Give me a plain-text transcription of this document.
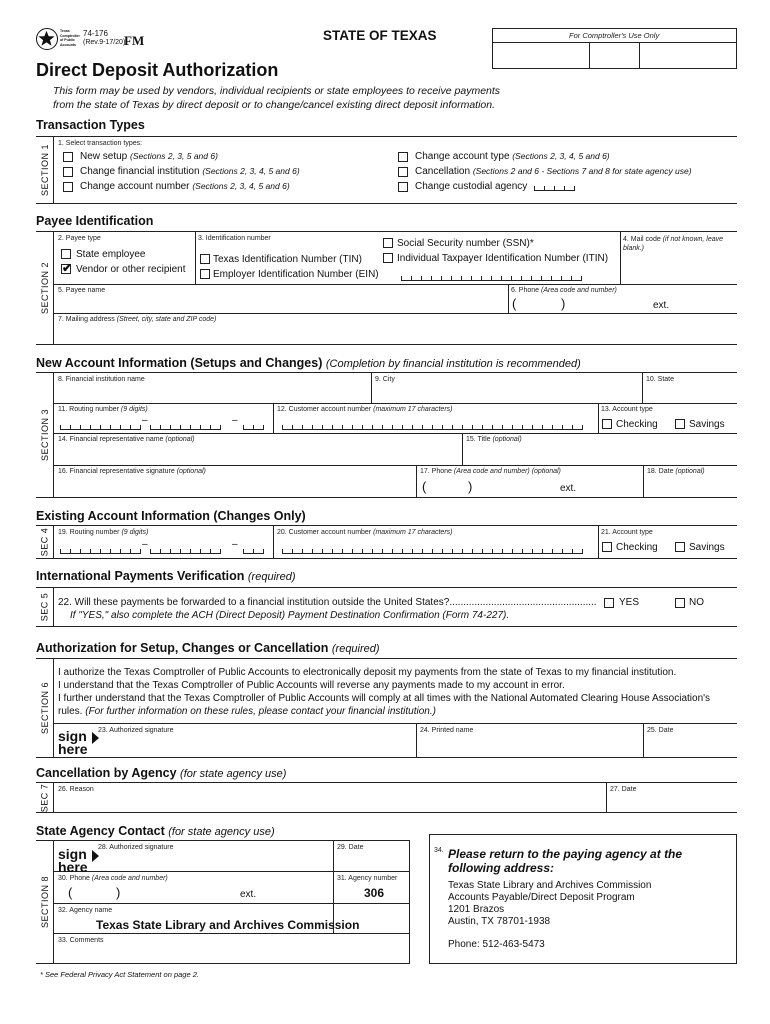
Texas Comptroller of Public Accounts
74-176
(Rev.9-17/20)
FM	STATE OF TEXAS	For Comptroller's Use Only
Direct Deposit Authorization
This form may be used by vendors, individual recipients or state employees to receive payments
from the state of Texas by direct deposit or to change/cancel existing direct deposit information.
Transaction Types
SECTION 1
1. Select transaction types:
New setup (Sections 2, 3, 5 and 6)
Change financial institution (Sections 2, 3, 4, 5 and 6)
Change account number (Sections 2, 3, 4, 5 and 6)
Change account type (Sections 2, 3, 4, 5 and 6)
Cancellation (Sections 2 and 6 - Sections 7 and 8 for state agency use)
Change custodial agency
Payee Identification
SECTION 2
2. Payee type
State employee
✔
Vendor or other recipient
3. Identification number
Texas Identification Number (TIN)
Employer Identification Number (EIN)
Social Security number (SSN)*
Individual Taxpayer Identification Number (ITIN)
4. Mail code (if not known, leave blank.)
5. Payee name	6. Phone (Area code and number)
(	)	ext.
7. Mailing address (Street, city, state and ZIP code)
New Account Information (Setups and Changes) (Completion by financial institution is recommended)
SECTION 3
8. Financial institution name	9. City	10. State
11. Routing number (9 digits)
–	–
12. Customer account number (maximum 17 characters)	13. Account type
Checking	Savings
14. Financial representative name (optional)	15. Title (optional)
16. Financial representative signature (optional)	17. Phone (Area code and number) (optional)
(	)	ext.
18. Date (optional)
Existing Account Information (Changes Only)
SEC 4 19. Routing number (9 digits)
–	–
20. Customer account number (maximum 17 characters)	21. Account type
Checking	Savings
International Payments Verification (required)
SEC 5 22. Will these payments be forwarded to a financial institution outside the United States?.....................................................
If "YES," also complete the ACH (Direct Deposit) Payment Destination Confirmation (Form 74-227).
YES	NO
Authorization for Setup, Changes or Cancellation (required)
SECTION 6
I authorize the Texas Comptroller of Public Accounts to electronically deposit my payments from the state of Texas to my financial institution.
I understand that the Texas Comptroller of Public Accounts will reverse any payments made to my account in error.
I further understand that the Texas Comptroller of Public Accounts will comply at all times with the National Automated Clearing House Association's
rules. (For further information on these rules, please contact your financial institution.)
sign
here
23. Authorized signature	24. Printed name	25. Date
Cancellation by Agency (for state agency use)
SEC 7 26. Reason	27. Date
State Agency Contact (for state agency use)
SECTION 8
sign
here
28. Authorized signature	29. Date
30. Phone (Area code and number)
(	)	ext.
31. Agency number
306
32. Agency name
Texas State Library and Archives Commission
33. Comments
34. Please return to the paying agency at the
following address:
Texas State Library and Archives Commission
Accounts Payable/Direct Deposit Program
1201 Brazos
Austin, TX 78701-1938
Phone: 512-463-5473
* See Federal Privacy Act Statement on page 2.
